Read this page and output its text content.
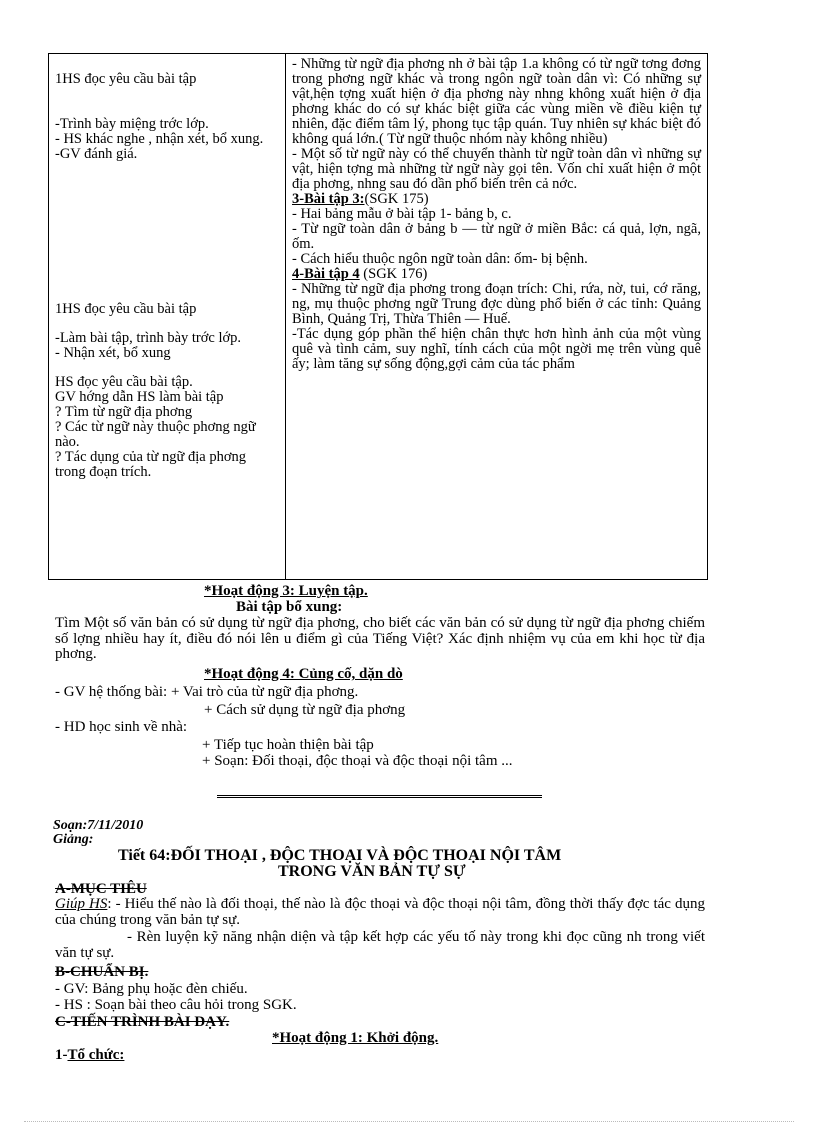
1HS đọc yêu cầu bài tập
-Trình bày miệng trớc lớp.
- HS khác nghe , nhận xét, bổ xung.
-GV đánh giá.
1HS đọc yêu cầu bài tập
-Làm bài tập, trình bày trớc lớp.
- Nhận xét, bổ xung
HS đọc yêu cầu bài tập.
GV hớng dẫn HS làm bài tập
? Tìm từ ngữ địa phơng
? Các từ ngữ này thuộc phơng ngữ nào.
? Tác dụng của từ ngữ địa phơng trong đoạn trích.

- Những từ ngữ địa phơng nh ở bài tập 1.a không có từ ngữ tơng đơng trong phơng ngữ khác và trong ngôn ngữ toàn dân vì: Có những sự vật,hện tợng xuất hiện ở địa phơng này nhng không xuất hiện ở địa phơng khác do có sự khác biệt giữa các vùng miền về điều kiện tự nhiên, đặc điểm tâm lý, phong tục tập quán. Tuy nhiên sự khác biệt đó không quá lớn.( Từ ngữ thuộc nhóm này không nhiều)
- Một số từ ngữ này có thể chuyển thành từ ngữ toàn dân vì những sự vật, hiện tợng mà những từ ngữ này gọi tên. Vốn chỉ xuất hiện ở một địa phơng, nhng sau đó dần phổ biến trên cả nớc.
3-Bài tập 3:(SGK 175)
- Hai bảng mẫu ở bài tập 1- bảng b, c.
- Từ ngữ toàn dân ở bảng b — từ ngữ ở miền Bắc: cá quả, lợn, ngã, ốm.
- Cách hiểu thuộc ngôn ngữ toàn dân: ốm- bị bệnh.
4-Bài tập 4 (SGK 176)
- Những từ ngữ địa phơng trong đoạn trích: Chi, rứa, nờ, tui, cớ răng, ng, mụ thuộc phơng ngữ Trung đợc dùng phổ biến ở các tỉnh: Quảng Bình, Quảng Trị, Thừa Thiên — Huế.
-Tác dụng góp phần thể hiện chân thực hơn hình ảnh của một vùng quê và tình cảm, suy nghĩ, tính cách của một ngời mẹ trên vùng quê ấy; làm tăng sự sống động,gợi cảm của tác phẩm
*Hoạt động 3: Luyện tập.
Bài tập bổ xung:
Tìm Một số văn bản có sử dụng từ ngữ địa phơng, cho biết các văn bản có sử dụng từ ngữ địa phơng chiếm số lợng nhiều hay ít, điều đó nói lên u điểm gì của Tiếng Việt? Xác định nhiệm vụ của em khi học từ địa phơng.
*Hoạt động 4: Củng cố, dặn dò
- GV hệ thống bài: + Vai trò của từ ngữ địa phơng.
+ Cách sử dụng từ ngữ địa phơng
- HD học sinh về nhà:
+ Tiếp tục hoàn thiện bài tập
+ Soạn: Đối thoại, độc thoại và độc thoại nội tâm ...
Soạn:7/11/2010
Giảng:
Tiết 64:ĐỐI THOẠI , ĐỘC THOẠI VÀ ĐỘC THOẠI NỘI TÂM
TRONG VĂN BẢN TỰ SỰ
A-MỤC TIÊU
Giúp HS: - Hiểu thế nào là đối thoại, thế nào là độc thoại và độc thoại nội tâm, đồng thời thấy đợc tác dụng của chúng trong văn bản tự sự.
- Rèn luyện kỹ năng nhận diện và tập kết hợp các yếu tố này trong khi đọc cũng nh trong viết văn tự sự.
B-CHUẨN BỊ.
- GV: Bảng phụ hoặc đèn chiếu.
- HS : Soạn bài theo câu hỏi trong SGK.
C-TIẾN TRÌNH BÀI DẠY.
*Hoạt động 1: Khởi động.
1-Tổ chức:
